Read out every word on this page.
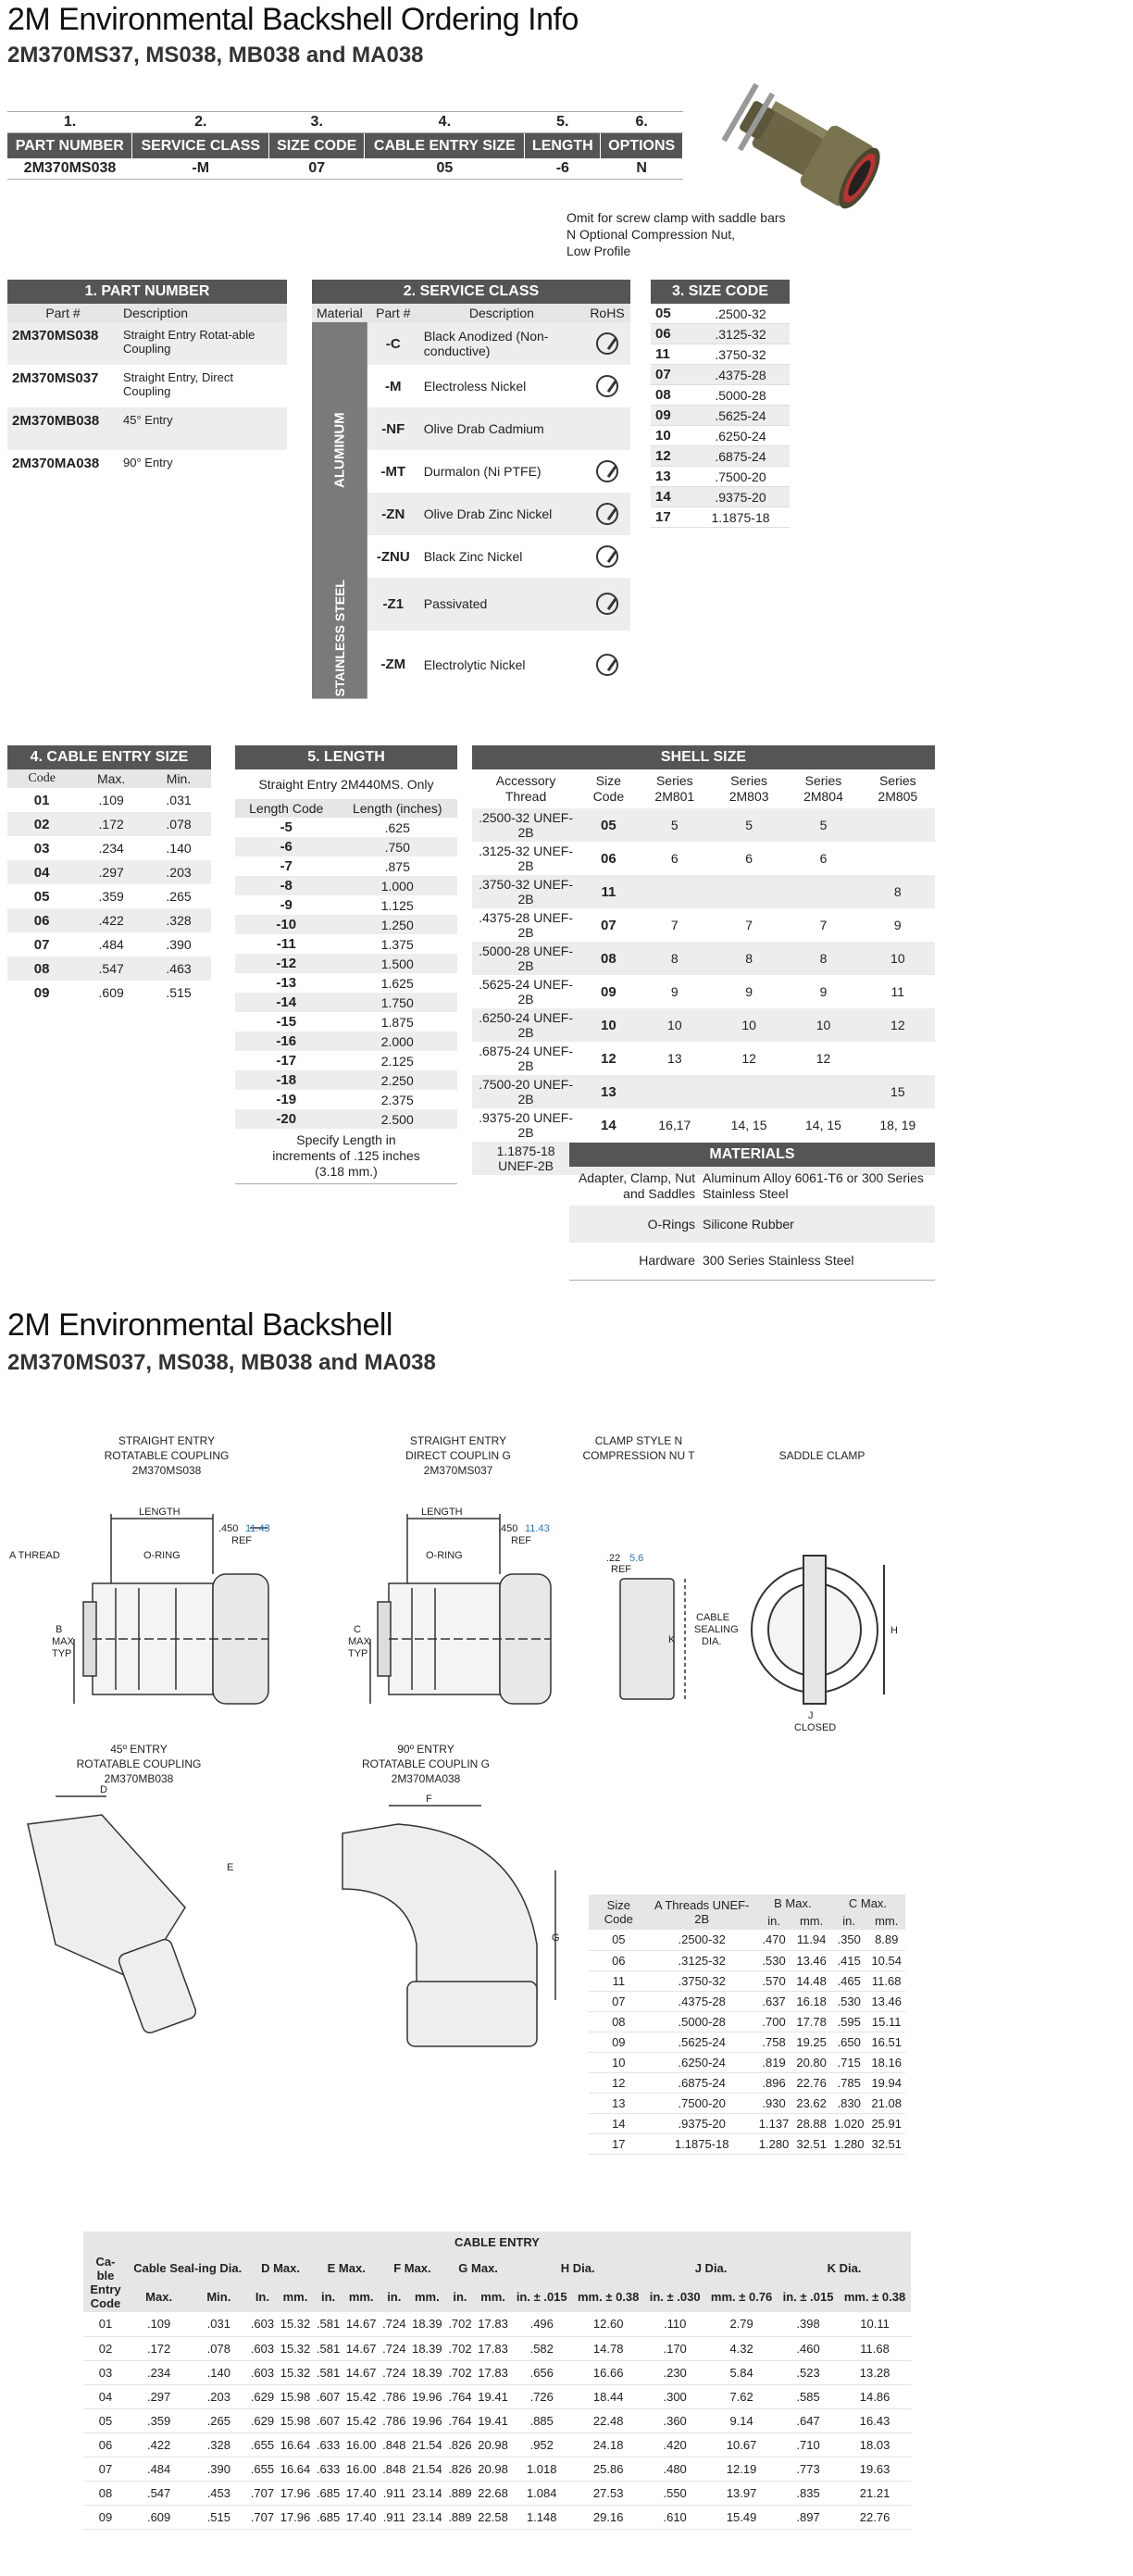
2M Environmental Backshell Ordering Info
2M370MS37, MS038, MB038 and MA038
1.	2.	3.	4.	5.	6.
PART NUMBER	SERVICE CLASS	SIZE CODE	CABLE ENTRY SIZE	LENGTH	OPTIONS
2M370MS038	-M	07	05	-6	N
Omit for screw clamp with saddle bars
N Optional Compression Nut,
Low Profile
1. PART NUMBER	
Part #	Description
2M370MS038	Straight Entry Rotat-able Coupling
2M370MS037	Straight Entry, Direct Coupling
2M370MB038	45° Entry
2M370MA038	90° Entry
2. SERVICE CLASS			
Material	Part #	Description	RoHS
ALUMINUM	-C	Black Anodized (Non-conductive)	
	-M	Electroless Nickel	
	-NF	Olive Drab Cadmium	
	-MT	Durmalon (Ni PTFE)	
	-ZN	Olive Drab Zinc Nickel	
	-ZNU	Black Zinc Nickel	
STAINLESS STEEL	-Z1	Passivated	
	-ZM	Electrolytic Nickel	
3. SIZE CODE	
05	.2500-32
06	.3125-32
11	.3750-32
07	.4375-28
08	.5000-28
09	.5625-24
10	.6250-24
12	.6875-24
13	.7500-20
14	.9375-20
17	1.1875-18
4. CABLE ENTRY SIZE		
Code	Max.	Min.
01	.109	.031
02	.172	.078
03	.234	.140
04	.297	.203
05	.359	.265
06	.422	.328
07	.484	.390
08	.547	.463
09	.609	.515
5. LENGTH	
Straight Entry 2M440MS. Only	
Length Code	Length (inches)
-5	.625
-6	.750
-7	.875
-8	1.000
-9	1.125
-10	1.250
-11	1.375
-12	1.500
-13	1.625
-14	1.750
-15	1.875
-16	2.000
-17	2.125
-18	2.250
-19	2.375
-20	2.500
Specify Length in increments of .125 inches (3.18 mm.)	
SHELL SIZE					
Accessory Thread	Size Code	Series 2M801	Series 2M803	Series 2M804	Series 2M805
.2500-32 UNEF-2B	05	5	5	5	
.3125-32 UNEF-2B	06	6	6	6	
.3750-32 UNEF-2B	11				8
.4375-28 UNEF-2B	07	7	7	7	9
.5000-28 UNEF-2B	08	8	8	8	10
.5625-24 UNEF-2B	09	9	9	9	11
.6250-24 UNEF-2B	10	10	10	10	12
.6875-24 UNEF-2B	12	13	12	12	
.7500-20 UNEF-2B	13				15
.9375-20 UNEF-2B	14	16,17	14, 15	14, 15	18, 19
1.1875-18 UNEF-2B					
MATERIALS	
Adapter, Clamp, Nut and Saddles	Aluminum Alloy 6061-T6 or 300 Series Stainless Steel
O-Rings	Silicone Rubber
Hardware	300 Series Stainless Steel

2M Environmental Backshell
2M370MS037, MS038, MB038 and MA038
STRAIGHT ENTRY
ROTATABLE COUPLING
2M370MS038
STRAIGHT ENTRY
DIRECT COUPLIN G
2M370MS037
CLAMP STYLE N
COMPRESSION NU T	SADDLE CLAMP
45º ENTRY
ROTATABLE COUPLING
2M370MB038
90º ENTRY
ROTATABLE COUPLIN G
2M370MA038
LENGTH
.450 11.43
REF
A THREAD	O-RING
B
MAX
TYP
LENGTH
.450 11.43
REF
O-RING
C
MAX
TYP
.22 5.6
REF
K
CABLE
SEALING
DIA.
H
J
CLOSED
D
E
F
G
Size Code	A Threads UNEF-2B	B Max.		C Max.	
		in.	mm.	in.	mm.
05	.2500-32	.470	11.94	.350	8.89
06	.3125-32	.530	13.46	.415	10.54
11	.3750-32	.570	14.48	.465	11.68
07	.4375-28	.637	16.18	.530	13.46
08	.5000-28	.700	17.78	.595	15.11
09	.5625-24	.758	19.25	.650	16.51
10	.6250-24	.819	20.80	.715	18.16
12	.6875-24	.896	22.76	.785	19.94
13	.7500-20	.930	23.62	.830	21.08
14	.9375-20	1.137	28.88	1.020	25.91
17	1.1875-18	1.280	32.51	1.280	32.51
CABLE ENTRY																
Ca-ble Entry Code	Cable Seal-ing Dia.		D Max.		E Max.		F Max.		G Max.		H Dia.		J Dia.		K Dia.	
	Max.	Min.	In.	mm.	in.	mm.	in.	mm.	in.	mm.	in. ± .015	mm. ± 0.38	in. ± .030	mm. ± 0.76	in. ± .015	mm. ± 0.38
01	.109	.031	.603	15.32	.581	14.67	.724	18.39	.702	17.83	.496	12.60	.110	2.79	.398	10.11
02	.172	.078	.603	15.32	.581	14.67	.724	18.39	.702	17.83	.582	14.78	.170	4.32	.460	11.68
03	.234	.140	.603	15.32	.581	14.67	.724	18.39	.702	17.83	.656	16.66	.230	5.84	.523	13.28
04	.297	.203	.629	15.98	.607	15.42	.786	19.96	.764	19.41	.726	18.44	.300	7.62	.585	14.86
05	.359	.265	.629	15.98	.607	15.42	.786	19.96	.764	19.41	.885	22.48	.360	9.14	.647	16.43
06	.422	.328	.655	16.64	.633	16.00	.848	21.54	.826	20.98	.952	24.18	.420	10.67	.710	18.03
07	.484	.390	.655	16.64	.633	16.00	.848	21.54	.826	20.98	1.018	25.86	.480	12.19	.773	19.63
08	.547	.453	.707	17.96	.685	17.40	.911	23.14	.889	22.68	1.084	27.53	.550	13.97	.835	21.21
09	.609	.515	.707	17.96	.685	17.40	.911	23.14	.889	22.58	1.148	29.16	.610	15.49	.897	22.76
